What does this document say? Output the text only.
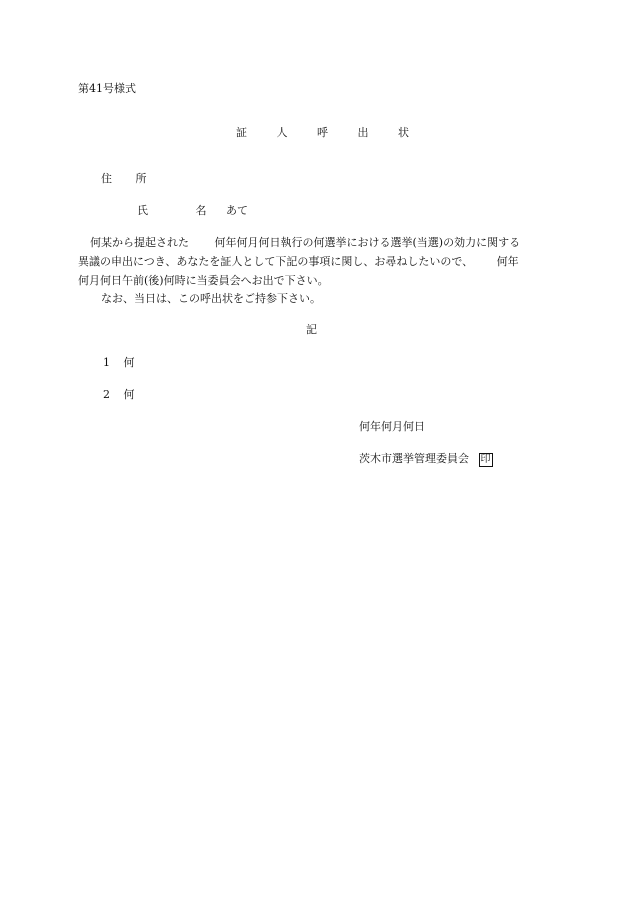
第41号様式
証	人	呼	出	状
住 所
氏	名 あて
何某から提起された 何年何月何日執行の何選挙における選挙(当選)の効力に関する
異議の申出につき、あなたを証人として下記の事項に関し、お尋ねしたいので、 何年
何月何日午前(後)何時に当委員会へお出で下さい。
なお、当日は、この呼出状をご持参下さい。
記
1 何
2 何
何年何月何日
茨木市選挙管理委員会 印
